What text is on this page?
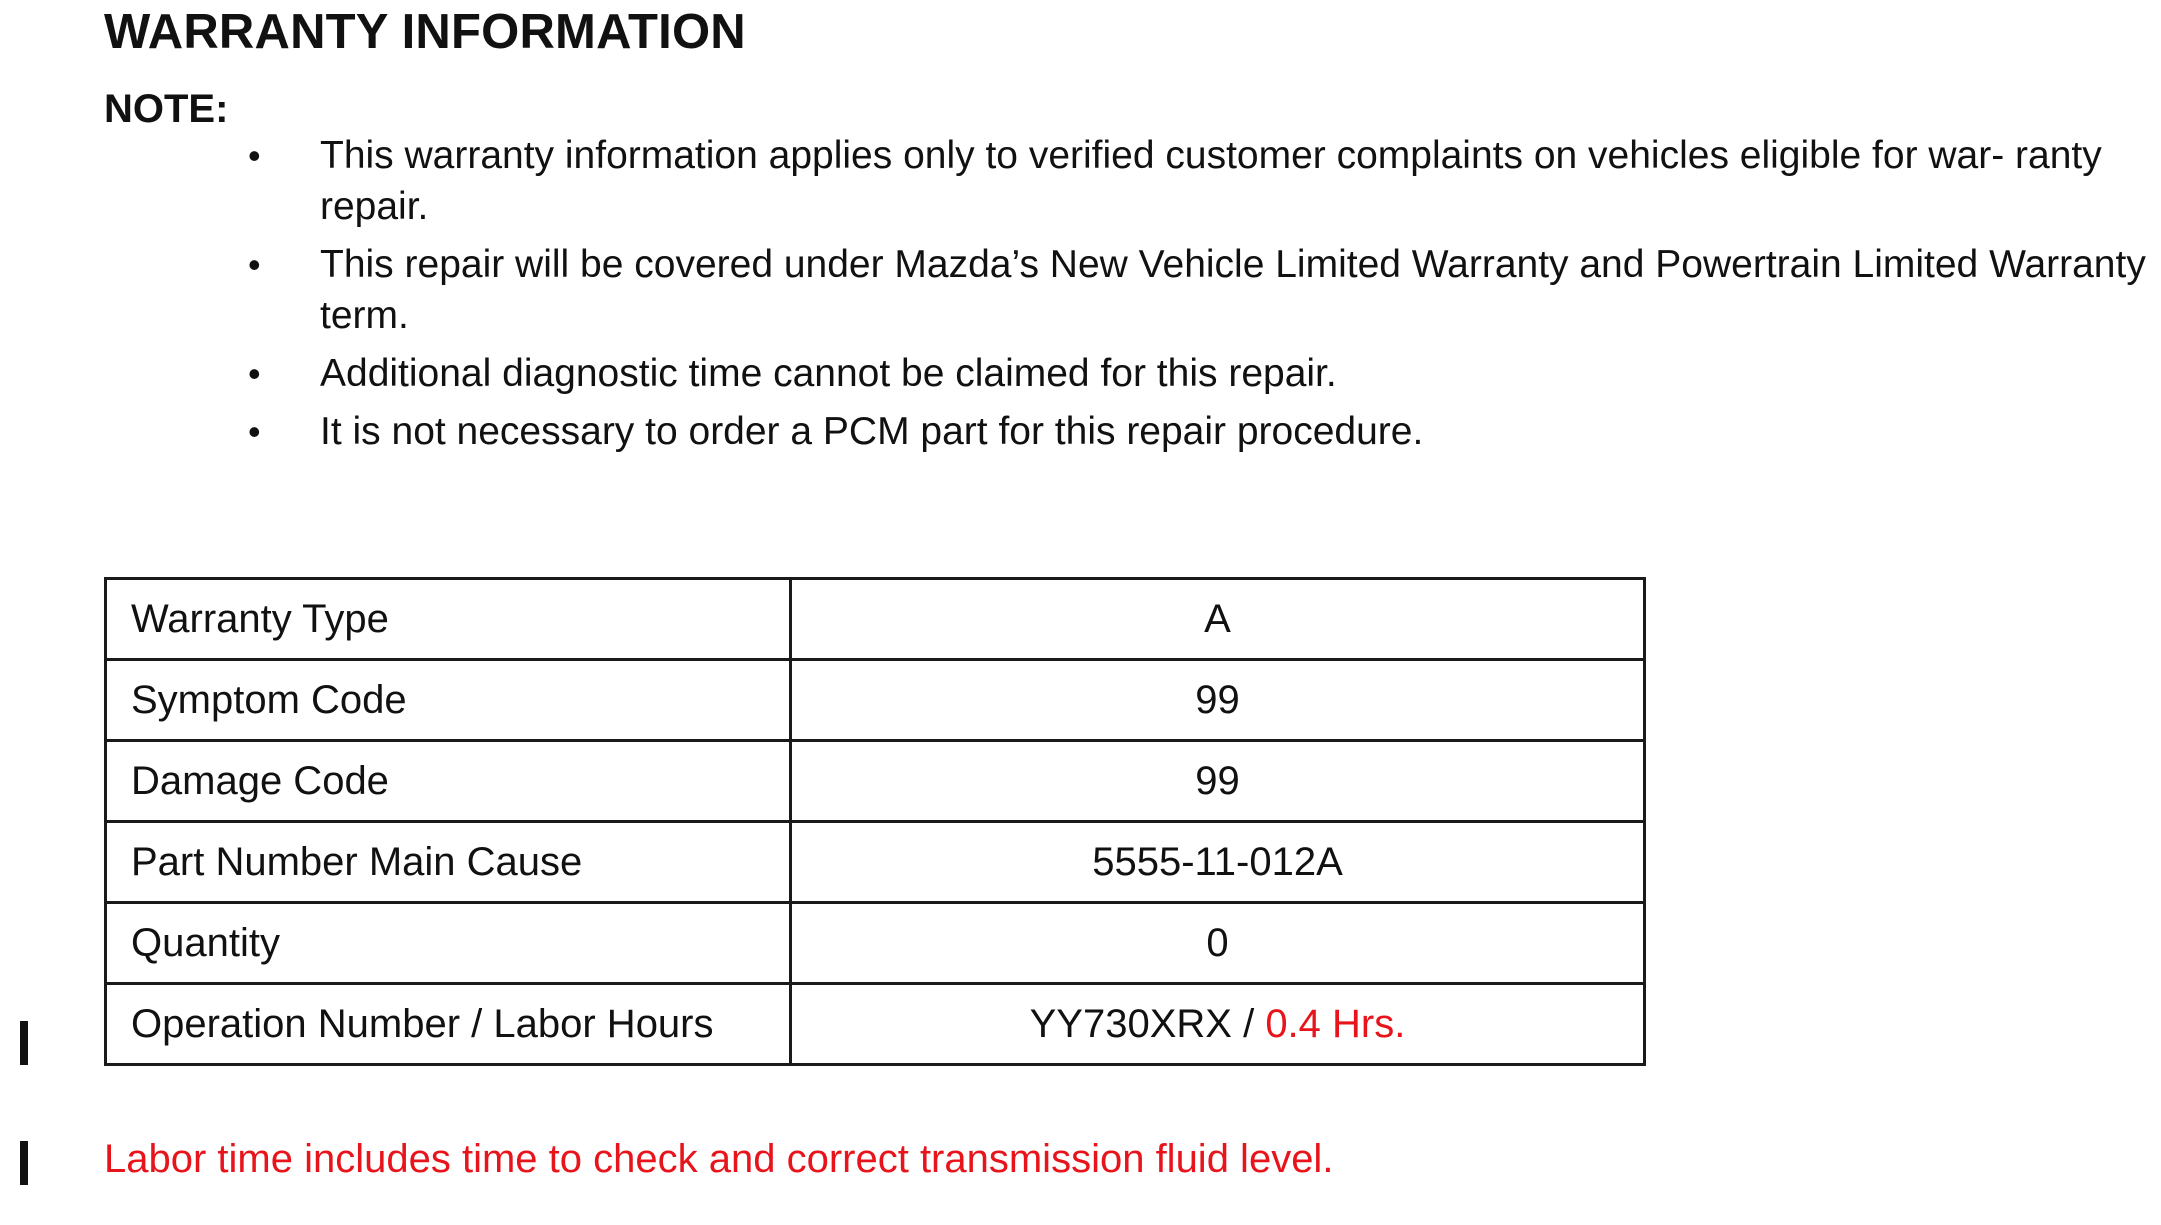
WARRANTY INFORMATION
NOTE:
• This warranty information applies only to verified customer complaints on vehicles eligible for war- ranty repair.
• This repair will be covered under Mazda’s New Vehicle Limited Warranty and Powertrain Limited Warranty term.
• Additional diagnostic time cannot be claimed for this repair.
• It is not necessary to order a PCM part for this repair procedure.
Warranty Type	A
Symptom Code	99
Damage Code	99
Part Number Main Cause	5555-11-012A
Quantity	0
Operation Number / Labor Hours	YY730XRX / 0.4 Hrs.
Labor time includes time to check and correct transmission fluid level.
